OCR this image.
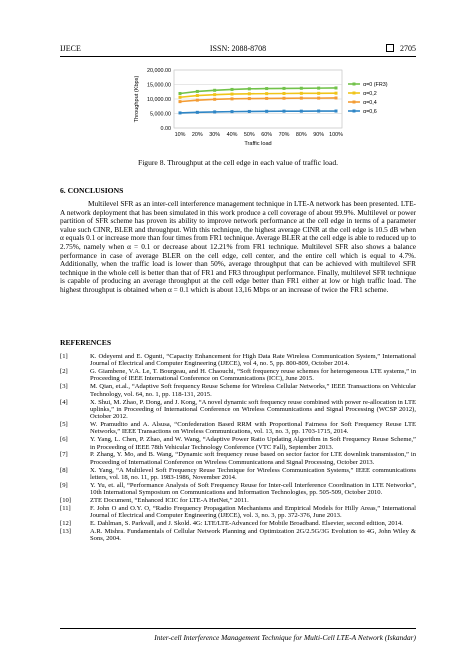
IJECE	ISSN: 2088-8708	2705
0.00
5,000.00
10,000.00
15,000.00
20,000.00
10% 20% 30% 40% 50% 60% 70% 80% 90% 100%
Traffic load
Throughput (Kbps)	α=0 (FR3)
α=0,2
α=0,4
α=0,6
Figure 8. Throughput at the cell edge in each value of traffic load.
6. CONCLUSIONS
Multilevel SFR as an inter-cell interference management technique in LTE-A network has been presented. LTE-A network deployment that has been simulated in this work produce a cell coverage of about 99.9%. Multilevel or power partition of SFR scheme has proven its ability to improve network performance at the cell edge in terms of a parameter value such CINR, BLER and throughput. With this technique, the highest average CINR at the cell edge is 10.5 dB when α equals 0.1 or increase more than four times from FR1 technique. Average BLER at the cell edge is able to reduced up to 2.75%, namely when α = 0.1 or decrease about 12.21% from FR1 technique. Multilevel SFR also shows a balance performance in case of average BLER on the cell edge, cell center, and the entire cell which is equal to 4.7%. Additionally, when the traffic load is lower than 50%, average throughput that can be achieved with multilevel SFR technique in the whole cell is better than that of FR1 and FR3 throughput performance. Finally, multilevel SFR technique is capable of producing an average throughput at the cell edge better than FR1 either at low or high traffic load. The highest throughput is obtained when α = 0.1 which is about 13,16 Mbps or an increase of twice the FR1 scheme.
REFERENCES
[1]	K. Odeyemi and E. Ogunti, “Capacity Enhancement for High Data Rate Wireless Communication System,” International Journal of Electrical and Computer Engineering (IJECE), vol 4, no. 5, pp. 800-809, October 2014.
[2]	G. Giambene, V.A. Le, T. Bourgeau, and H. Chaouchi, “Soft frequency reuse schemes for heterogeneous LTE systems,” in Proceeding of IEEE International Conference on Communications (ICC), June 2015.
[3]	M. Qian, et.al., “Adaptive Soft frequency Reuse Scheme for Wireless Cellular Networks,” IEEE Transactions on Vehicular Technology, vol. 64, no. 1, pp. 118-131, 2015.
[4]	X. Shui, M. Zhao, P. Dong, and J. Kong, “A novel dynamic soft frequency reuse combined with power re-allocation in LTE uplinks,” in Proceeding of International Conference on Wireless Communications and Signal Processing (WCSP 2012), October 2012.
[5]	W. Pramudito and A. Alsusa, “Confederation Based RRM with Proportional Fairness for Soft Frequency Reuse LTE Networks,” IEEE Transactions on Wireless Communications, vol. 13, no. 3, pp. 1703-1715, 2014.
[6]	Y. Yang, L. Chen, P. Zhao, and W. Wang, “Adaptive Power Ratio Updating Algorithm in Soft Frequency Reuse Scheme,” in Proceeding of IEEE 78th Vehicular Technology Conference (VTC Fall), September 2013.
[7]	P. Zhang, Y. Mo, and B. Wang, “Dynamic soft frequency reuse based on sector factor for LTE downlink transmission,” in Proceeding of International Conference on Wireless Communications and Signal Processing, October 2013.
[8]	X. Yang, “A Multilevel Soft Frequency Reuse Technique for Wireless Communication Systems,” IEEE communications letters, vol. 18, no. 11, pp. 1983-1986, November 2014.
[9]	Y. Yu, et. all, “Performance Analysis of Soft Frequency Reuse for Inter-cell Interference Coordination in LTE Networks”, 10th International Symposium on Communications and Information Technologies, pp. 505-509, October 2010.
[10]	ZTE Document, “Enhanced ICIC for LTE-A HetNet,” 2011.
[11]	F. John O and O.Y. O, “Radio Frequency Propagation Mechanisms and Empirical Models for Hilly Areas,” International Journal of Electrical and Computer Engineering (IJECE), vol. 3, no. 3, pp. 372-376, June 2013.
[12]	E. Dahlman, S. Parkvall, and J. Skold. 4G: LTE/LTE-Advanced for Mobile Broadband. Elsevier, second edition, 2014.
[13]	A.R. Mishra. Fundamentals of Cellular Network Planning and Optimization 2G/2.5G/3G Evolution to 4G, John Wiley & Sons, 2004.
Inter-cell Interference Management Technique for Multi-Cell LTE-A Network (Iskandar)
